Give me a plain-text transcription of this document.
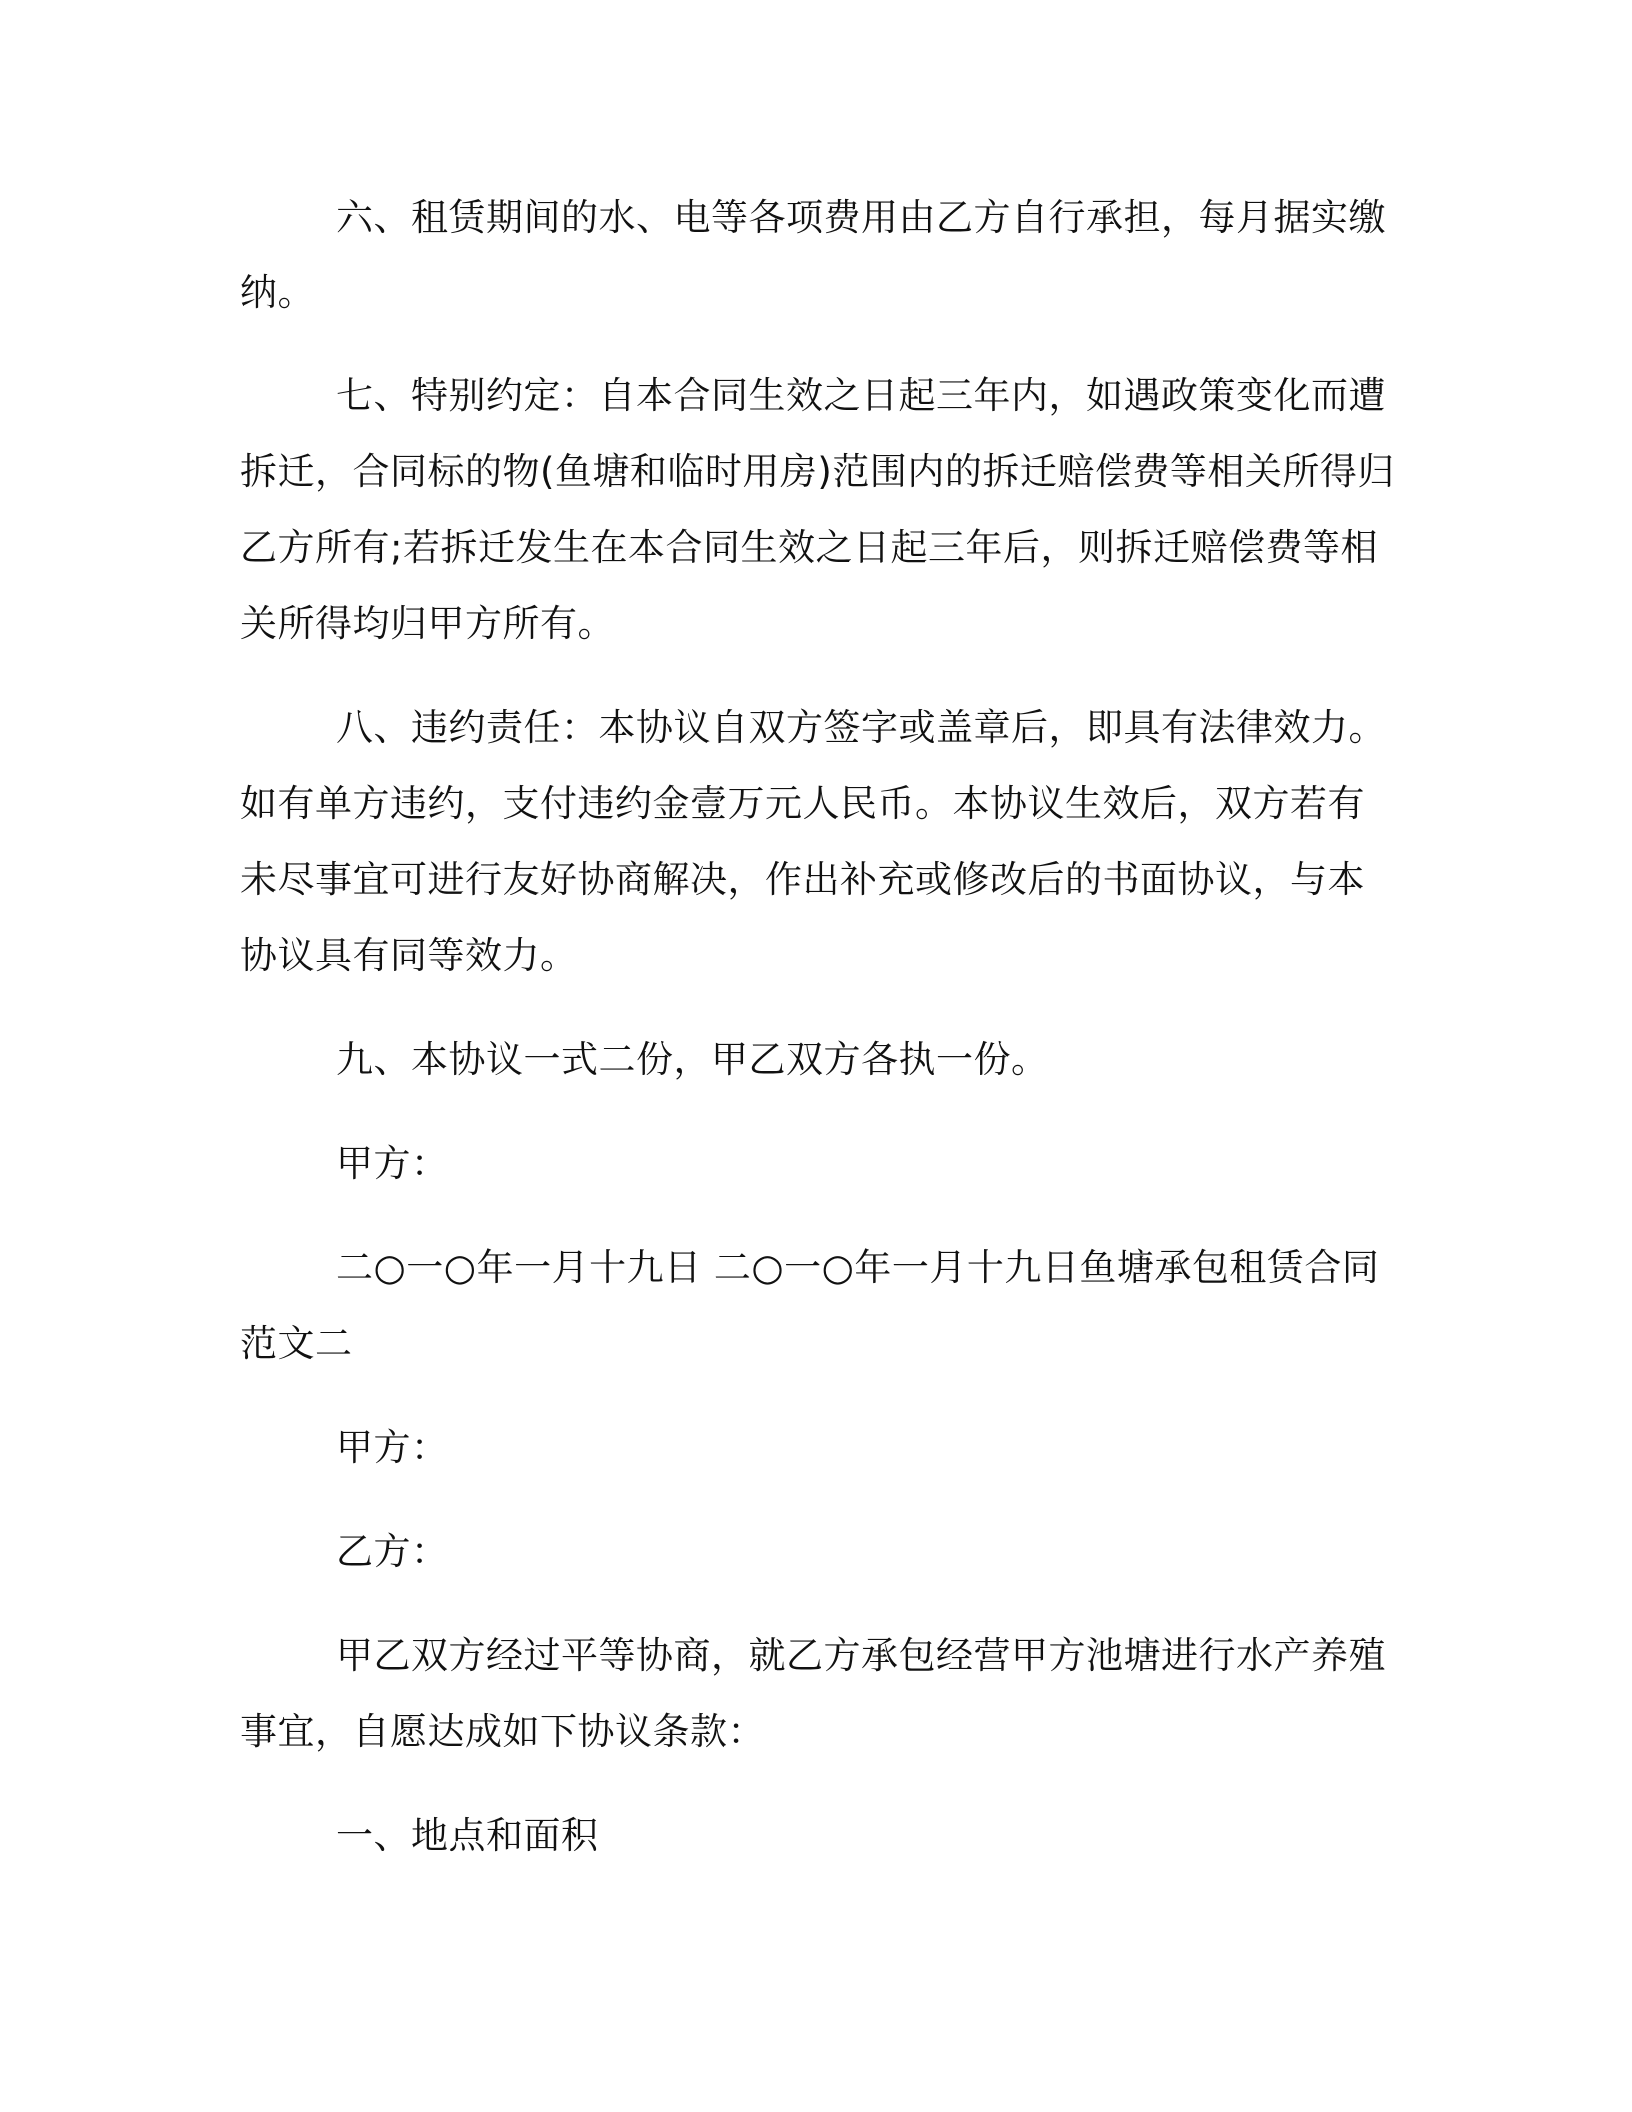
六、租赁期间的水、电等各项费用由乙方自行承担，每月据实缴
纳。
七、特别约定：自本合同生效之日起三年内，如遇政策变化而遭
拆迁，合同标的物(鱼塘和临时用房)范围内的拆迁赔偿费等相关所得归
乙方所有;若拆迁发生在本合同生效之日起三年后，则拆迁赔偿费等相
关所得均归甲方所有。
八、违约责任：本协议自双方签字或盖章后，即具有法律效力。
如有单方违约，支付违约金壹万元人民币。本协议生效后，双方若有
未尽事宜可进行友好协商解决，作出补充或修改后的书面协议，与本
协议具有同等效力。
九、本协议一式二份，甲乙双方各执一份。
甲方：
二○一○年一月十九日 二○一○年一月十九日鱼塘承包租赁合同
范文二
甲方：
乙方：
甲乙双方经过平等协商，就乙方承包经营甲方池塘进行水产养殖
事宜，自愿达成如下协议条款：
一、地点和面积
